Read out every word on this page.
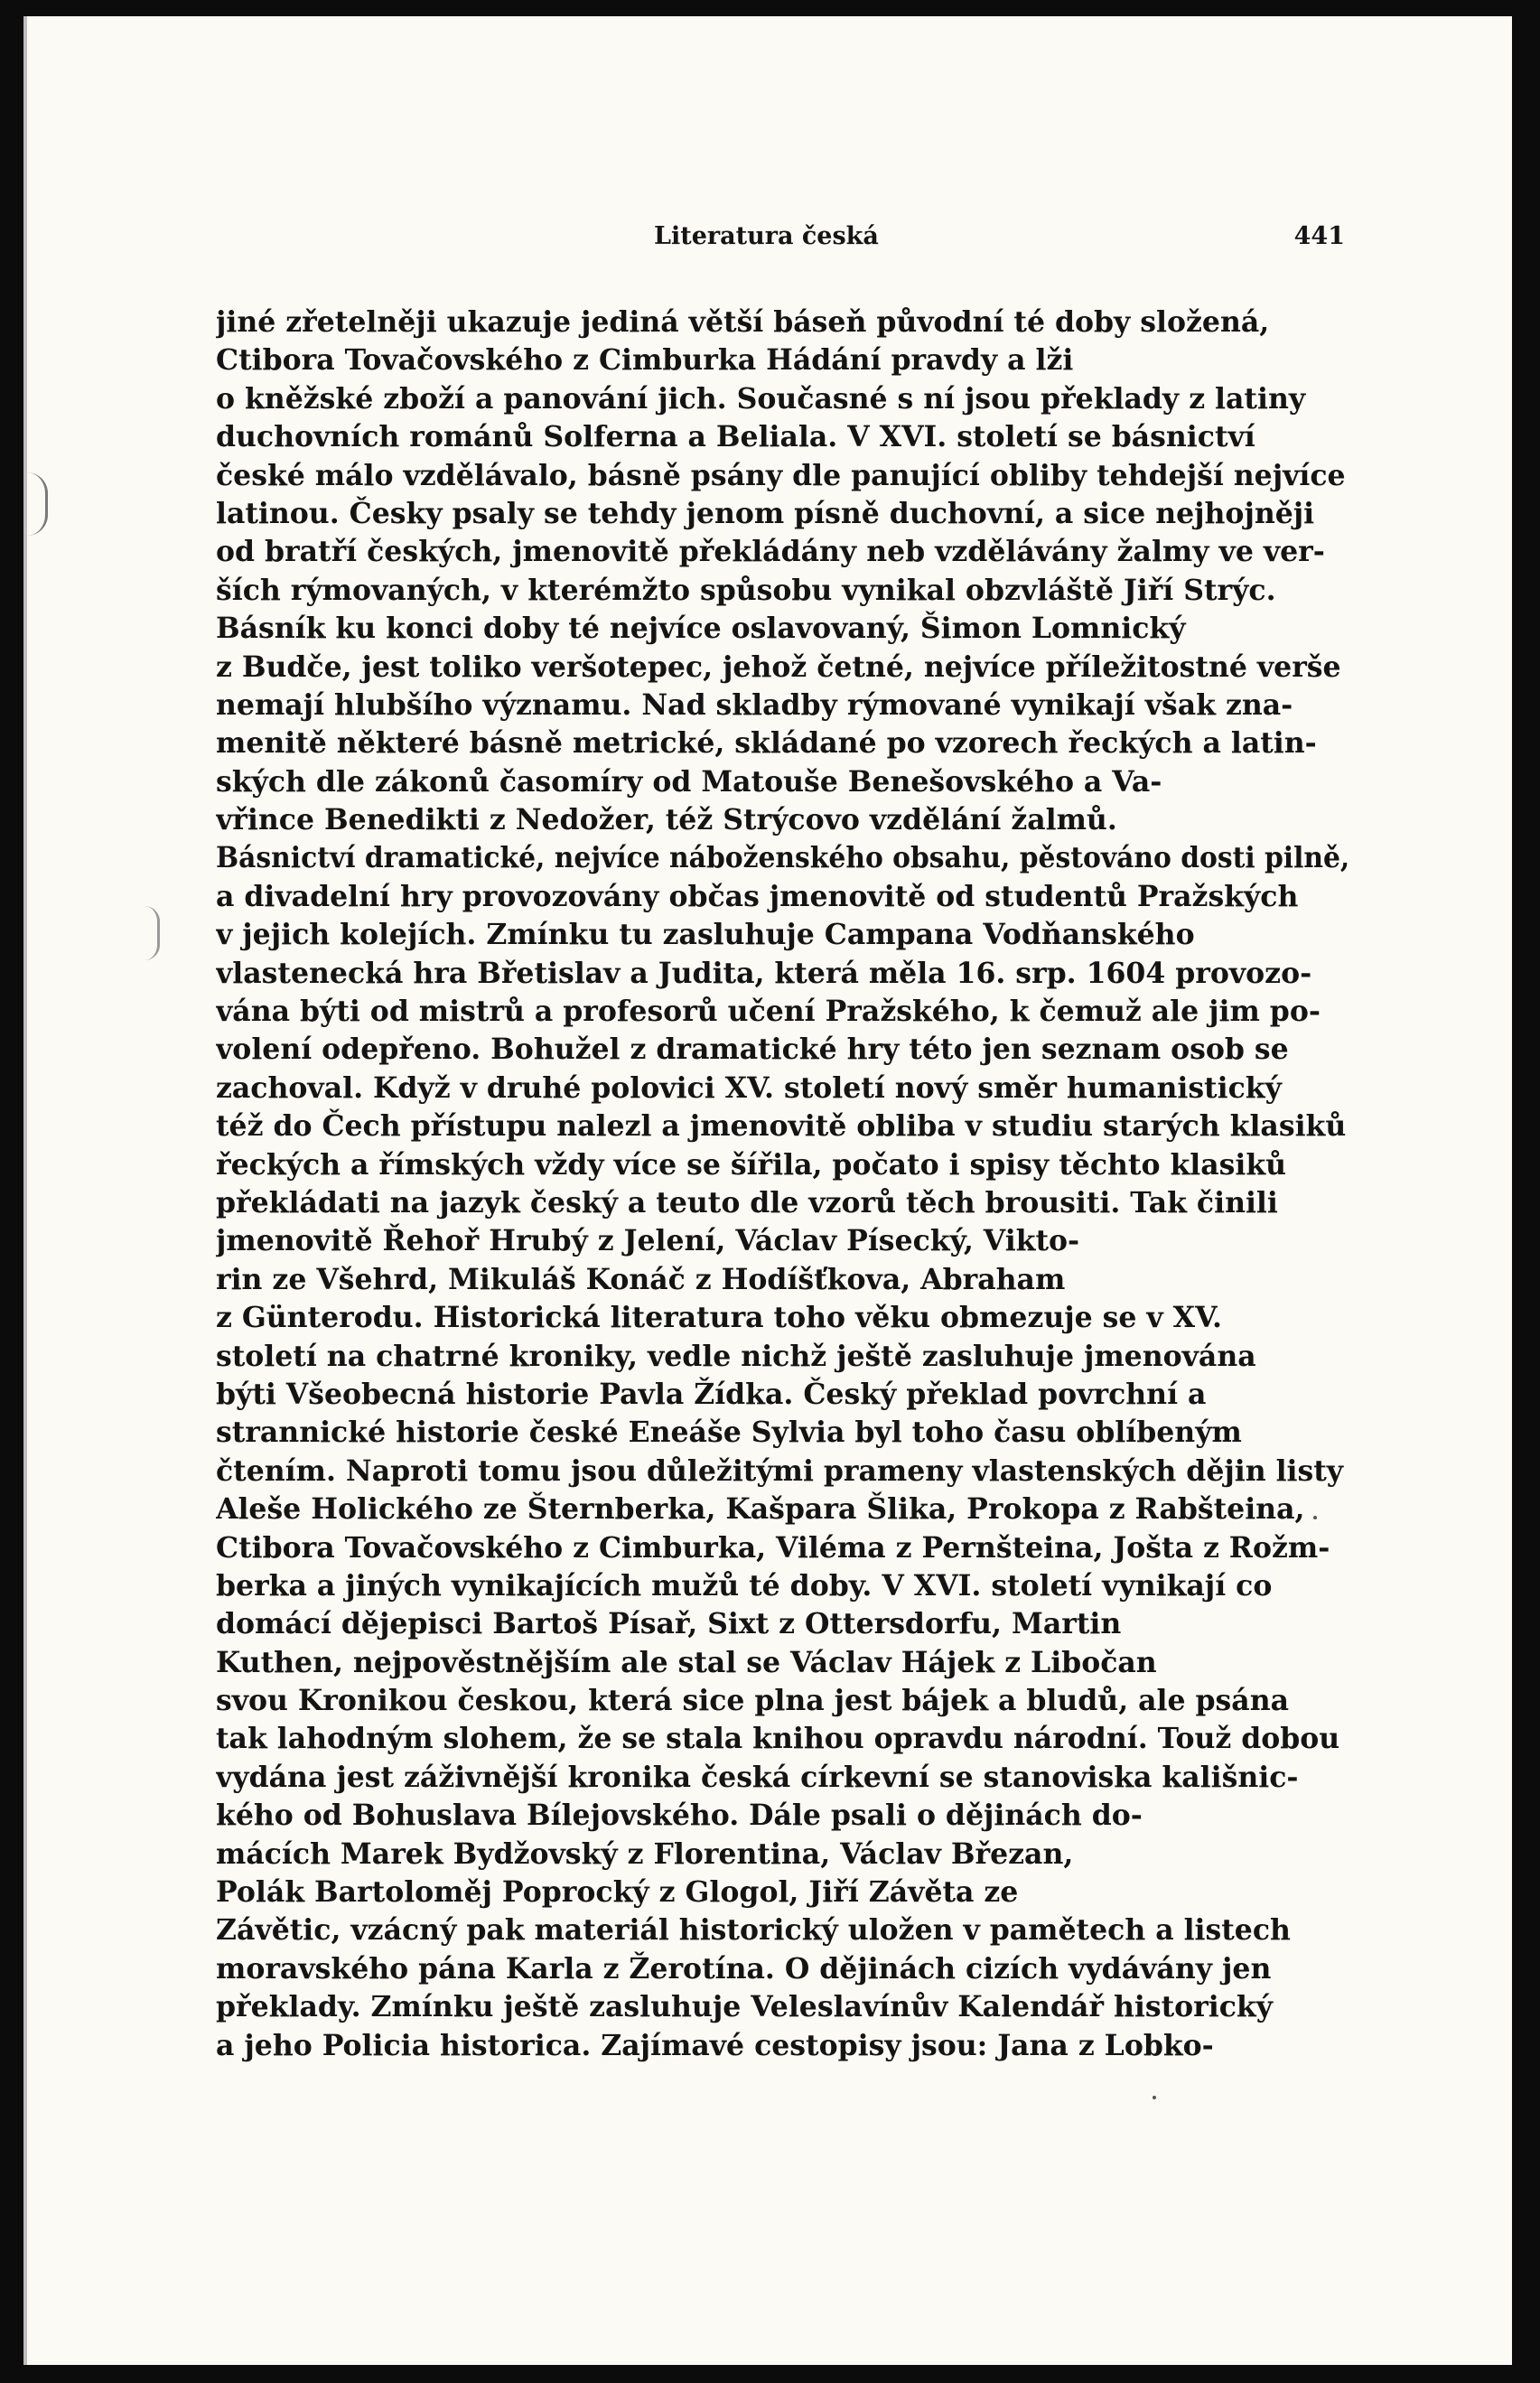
Literatura česká	441
jiné zřetelněji ukazuje jediná větší báseň původní té doby složená,
Ctibora Tovačovského z Cimburka Hádání pravdy a lži
o kněžské zboží a panování jich. Současné s ní jsou překlady z latiny
duchovních románů Solferna a Beliala. V XVI. století se básnictví
české málo vzdělávalo, básně psány dle panující obliby tehdejší nejvíce
latinou. Česky psaly se tehdy jenom písně duchovní, a sice nejhojněji
od bratří českých, jmenovitě překládány neb vzdělávány žalmy ve ver-
ších rýmovaných, v kterémžto spůsobu vynikal obzvláště Jiří Strýc.
Básník ku konci doby té nejvíce oslavovaný, Šimon Lomnický
z Budče, jest toliko veršotepec, jehož četné, nejvíce příležitostné verše
nemají hlubšího významu. Nad skladby rýmované vynikají však zna-
menitě některé básně metrické, skládané po vzorech řeckých a latin-
ských dle zákonů časomíry od Matouše Benešovského a Va-
vřince Benedikti z Nedožer, též Strýcovo vzdělání žalmů.
Básnictví dramatické, nejvíce náboženského obsahu, pěstováno dosti pilně,
a divadelní hry provozovány občas jmenovitě od studentů Pražských
v jejich kolejích. Zmínku tu zasluhuje Campana Vodňanského
vlastenecká hra Břetislav a Judita, která měla 16. srp. 1604 provozo-
vána býti od mistrů a profesorů učení Pražského, k čemuž ale jim po-
volení odepřeno. Bohužel z dramatické hry této jen seznam osob se
zachoval. Když v druhé polovici XV. století nový směr humanistický
též do Čech přístupu nalezl a jmenovitě obliba v studiu starých klasiků
řeckých a římských vždy více se šířila, počato i spisy těchto klasiků
překládati na jazyk český a teuto dle vzorů těch brousiti. Tak činili
jmenovitě Řehoř Hrubý z Jelení, Václav Písecký, Vikto-
rin ze Všehrd, Mikuláš Konáč z Hodíšťkova, Abraham
z Günterodu. Historická literatura toho věku obmezuje se v XV.
století na chatrné kroniky, vedle nichž ještě zasluhuje jmenována
býti Všeobecná historie Pavla Žídka. Český překlad povrchní a
strannické historie české Eneáše Sylvia byl toho času oblíbeným
čtením. Naproti tomu jsou důležitými prameny vlastenských dějin listy
Aleše Holického ze Šternberka, Kašpara Šlika, Prokopa z Rabšteina,
Ctibora Tovačovského z Cimburka, Viléma z Pernšteina, Jošta z Rožm-
berka a jiných vynikajících mužů té doby. V XVI. století vynikají co
domácí dějepisci Bartoš Písař, Sixt z Ottersdorfu, Martin
Kuthen, nejpověstnějším ale stal se Václav Hájek z Libočan
svou Kronikou českou, která sice plna jest bájek a bludů, ale psána
tak lahodným slohem, že se stala knihou opravdu národní. Touž dobou
vydána jest záživnější kronika česká církevní se stanoviska kališnic-
kého od Bohuslava Bílejovského. Dále psali o dějinách do-
mácích Marek Bydžovský z Florentina, Václav Březan,
Polák Bartoloměj Poprocký z Glogol, Jiří Závěta ze
Závětic, vzácný pak materiál historický uložen v pamětech a listech
moravského pána Karla z Žerotína. O dějinách cizích vydávány jen
překlady. Zmínku ještě zasluhuje Veleslavínův Kalendář historický
a jeho Policia historica. Zajímavé cestopisy jsou: Jana z Lobko-
